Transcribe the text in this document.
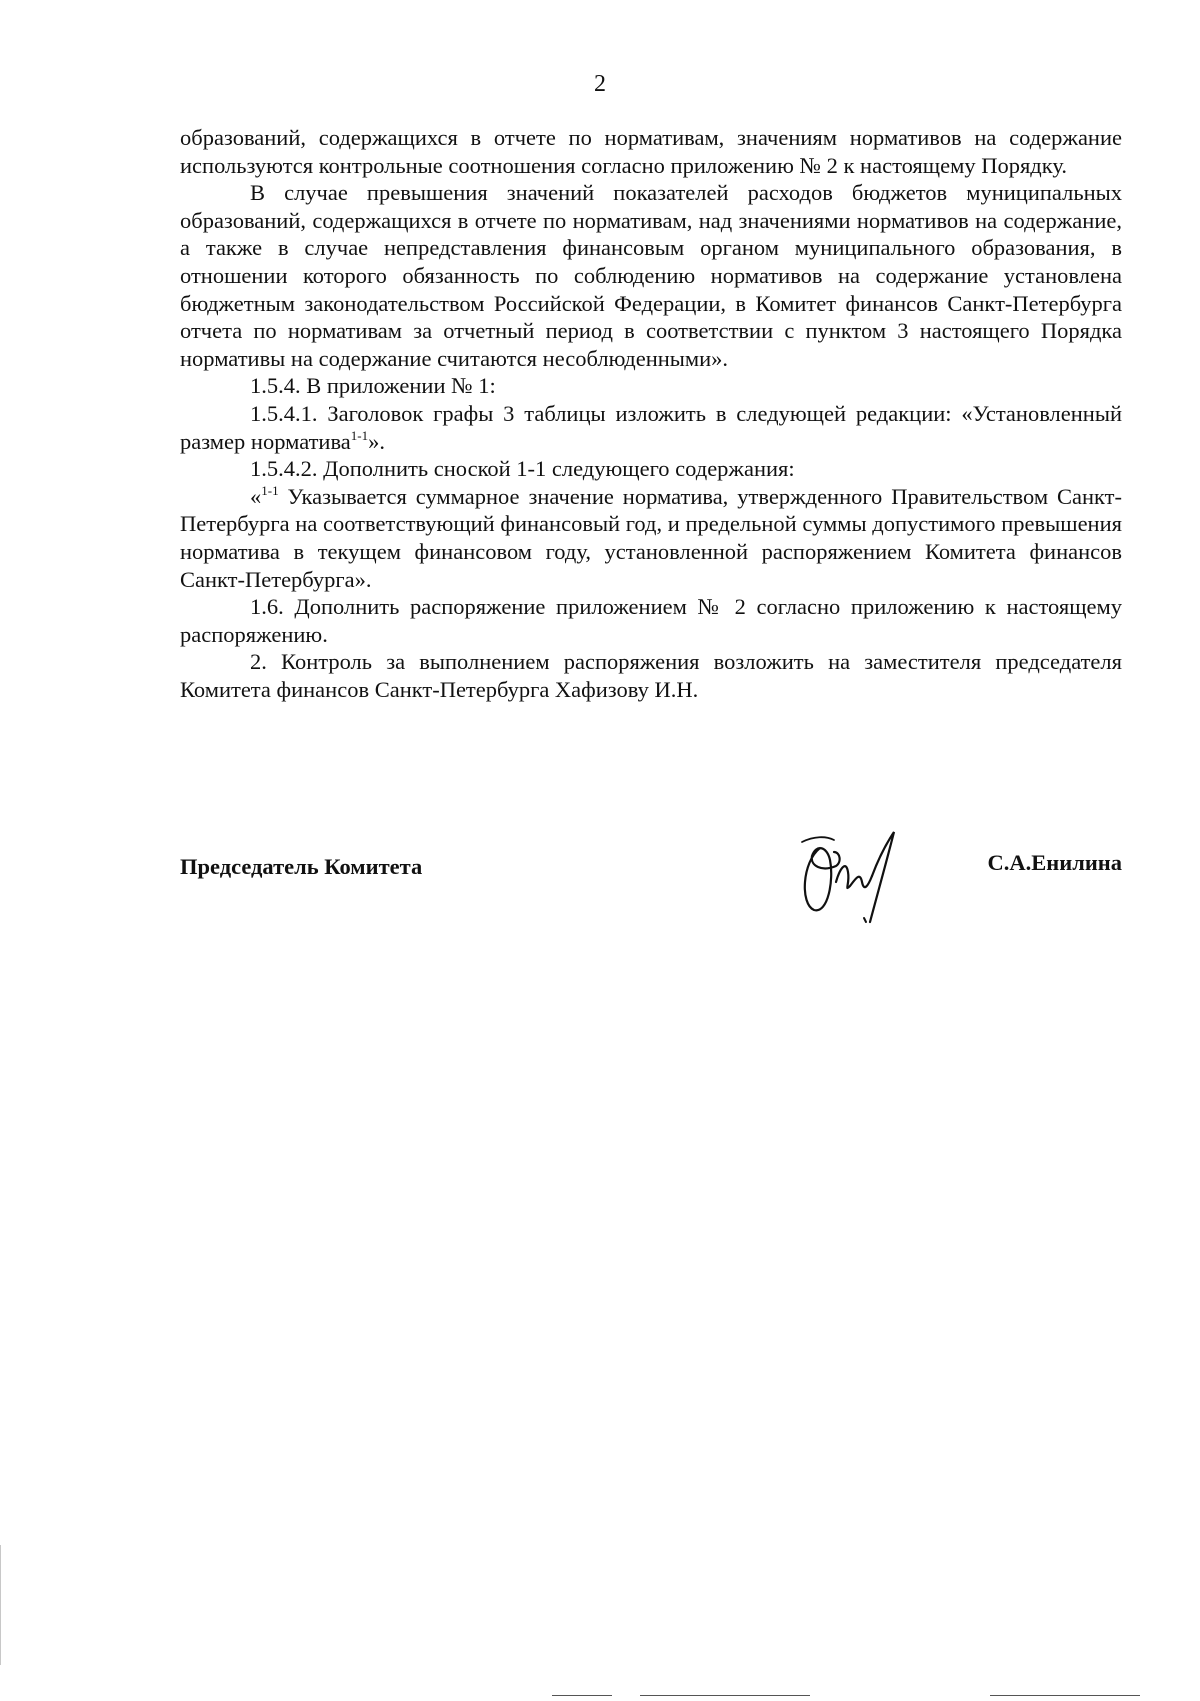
2

образований, содержащихся в отчете по нормативам, значениям нормативов на содержание используются контрольные соотношения согласно приложению № 2 к настоящему Порядку.

В случае превышения значений показателей расходов бюджетов муниципальных образований, содержащихся в отчете по нормативам, над значениями нормативов на содержание, а также в случае непредставления финансовым органом муниципального образования, в отношении которого обязанность по соблюдению нормативов на содержание установлена бюджетным законодательством Российской Федерации, в Комитет финансов Санкт-Петербурга отчета по нормативам за отчетный период в соответствии с пунктом 3 настоящего Порядка нормативы на содержание считаются несоблюденными».

1.5.4. В приложении № 1:

1.5.4.1. Заголовок графы 3 таблицы изложить в следующей редакции: «Установленный размер норматива$^{1-1}$».

1.5.4.2. Дополнить сноской 1-1 следующего содержания:

«$^{1-1}$ Указывается суммарное значение норматива, утвержденного Правительством Санкт-Петербурга на соответствующий финансовый год, и предельной суммы допустимого превышения норматива в текущем финансовом году, установленной распоряжением Комитета финансов Санкт-Петербурга».

1.6. Дополнить распоряжение приложением № 2 согласно приложению к настоящему распоряжению.

2. Контроль за выполнением распоряжения возложить на заместителя председателя Комитета финансов Санкт-Петербурга Хафизову И.Н.

Председатель Комитета	С.А.Енилина
